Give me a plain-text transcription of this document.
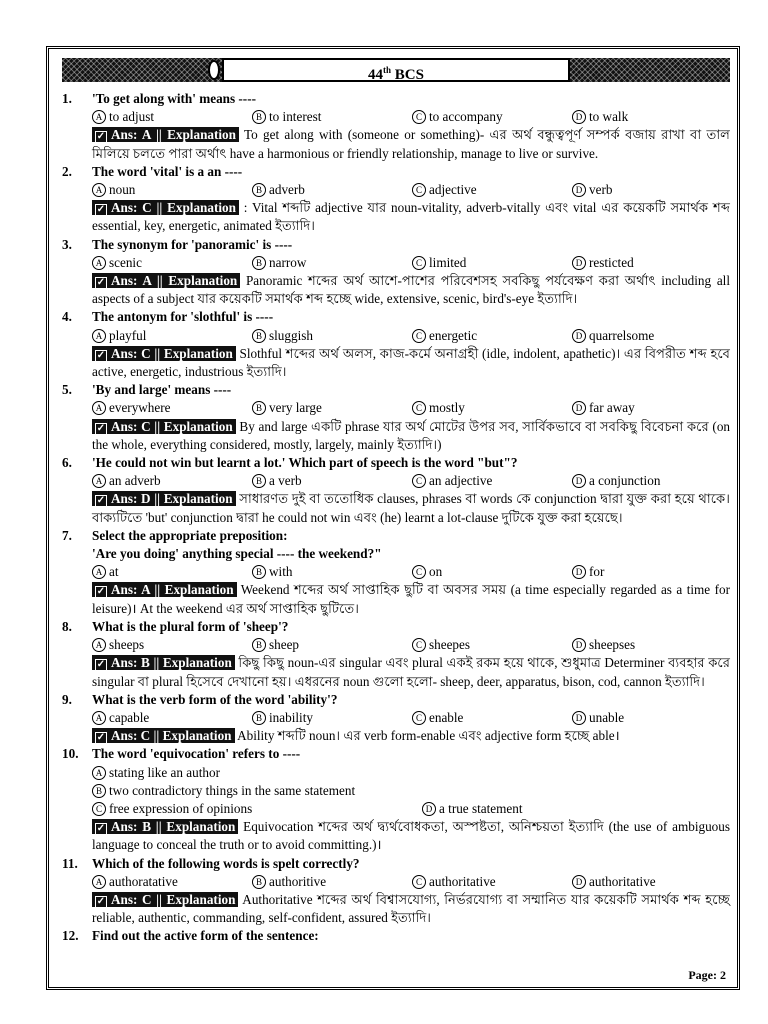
44th BCS
1.	'To get along with' means ----
A to adjust	B to interest	C to accompany	D to walk
✓ Ans: A || Explanation To get along with (someone or something)- এর অর্থ বন্ধুত্বপূর্ণ সম্পর্ক বজায় রাখা বা তাল মিলিয়ে চলতে পারা অর্থাৎ have a harmonious or friendly relationship, manage to live or survive.
2.	The word 'vital' is a an ----
A noun	B adverb	C adjective	D verb
✓ Ans: C || Explanation : Vital শব্দটি adjective যার noun-vitality, adverb-vitally এবং vital এর কয়েকটি সমার্থক শব্দ essential, key, energetic, animated ইত্যাদি।
3.	The synonym for 'panoramic' is ----
A scenic	B narrow	C limited	D resticted
✓ Ans: A || Explanation Panoramic শব্দের অর্থ আশে-পাশের পরিবেশসহ সবকিছু পর্যবেক্ষণ করা অর্থাৎ including all aspects of a subject যার কয়েকটি সমার্থক শব্দ হচ্ছে wide, extensive, scenic, bird's-eye ইত্যাদি।
4.	The antonym for 'slothful' is ----
A playful	B sluggish	C energetic	D quarrelsome
✓ Ans: C || Explanation Slothful শব্দের অর্থ অলস, কাজ-কর্মে অনাগ্রহী (idle, indolent, apathetic)। এর বিপরীত শব্দ হবে active, energetic, industrious ইত্যাদি।
5.	'By and large' means ----
A everywhere	B very large	C mostly	D far away
✓ Ans: C || Explanation By and large একটি phrase যার অর্থ মোটের উপর সব, সার্বিকভাবে বা সবকিছু বিবেচনা করে (on the whole, everything considered, mostly, largely, mainly ইত্যাদি।)
6.	'He could not win but learnt a lot.' Which part of speech is the word "but"?
A an adverb	B a verb	C an adjective	D a conjunction
✓ Ans: D || Explanation সাধারণত দুই বা ততোধিক clauses, phrases বা words কে conjunction দ্বারা যুক্ত করা হয়ে থাকে। বাক্যটিতে 'but' conjunction দ্বারা he could not win এবং (he) learnt a lot-clause দুটিকে যুক্ত করা হয়েছে।
7.	Select the appropriate preposition:
'Are you doing' anything special ---- the weekend?"
A at	B with	C on	D for
✓ Ans: A || Explanation Weekend শব্দের অর্থ সাপ্তাহিক ছুটি বা অবসর সময় (a time especially regarded as a time for leisure)। At the weekend এর অর্থ সাপ্তাহিক ছুটিতে।
8.	What is the plural form of 'sheep'?
A sheeps	B sheep	C sheepes	D sheepses
✓ Ans: B || Explanation কিছু কিছু noun-এর singular এবং plural একই রকম হয়ে থাকে, শুধুমাত্র Determiner ব্যবহার করে singular বা plural হিসেবে দেখানো হয়। এধরনের noun গুলো হলো- sheep, deer, apparatus, bison, cod, cannon ইত্যাদি।
9.	What is the verb form of the word 'ability'?
A capable	B inability	C enable	D unable
✓ Ans: C || Explanation Ability শব্দটি noun। এর verb form-enable এবং adjective form হচ্ছে able।
10.	The word 'equivocation' refers to ----
A stating like an author
B two contradictory things in the same statement
C free expression of opinions	D a true statement
✓ Ans: B || Explanation Equivocation শব্দের অর্থ দ্ব্যর্থবোধকতা, অস্পষ্টতা, অনিশ্চয়তা ইত্যাদি (the use of ambiguous language to conceal the truth or to avoid committing.)।
11.	Which of the following words is spelt correctly?
A authoratative	B authoritive	C authoritative	D authoritative
✓ Ans: C || Explanation Authoritative শব্দের অর্থ বিশ্বাসযোগ্য, নির্ভরযোগ্য বা সম্মানিত যার কয়েকটি সমার্থক শব্দ হচ্ছে reliable, authentic, commanding, self-confident, assured ইত্যাদি।
12.	Find out the active form of the sentence:
Page: 2
